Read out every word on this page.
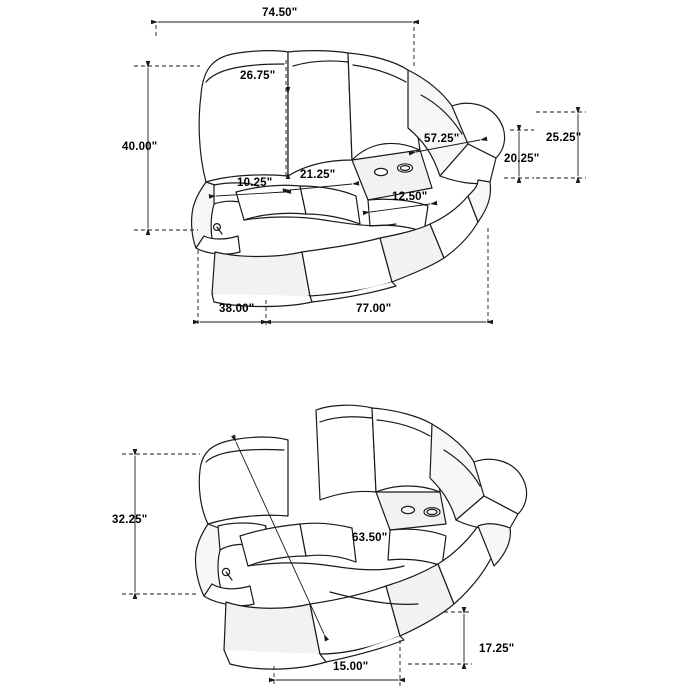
74.50"
26.75"
40.00"
10.25"
21.25"
12.50"
57.25"
20.25"
25.25"
38.00"	77.00"
32.25"
63.50"
15.00"
17.25"
